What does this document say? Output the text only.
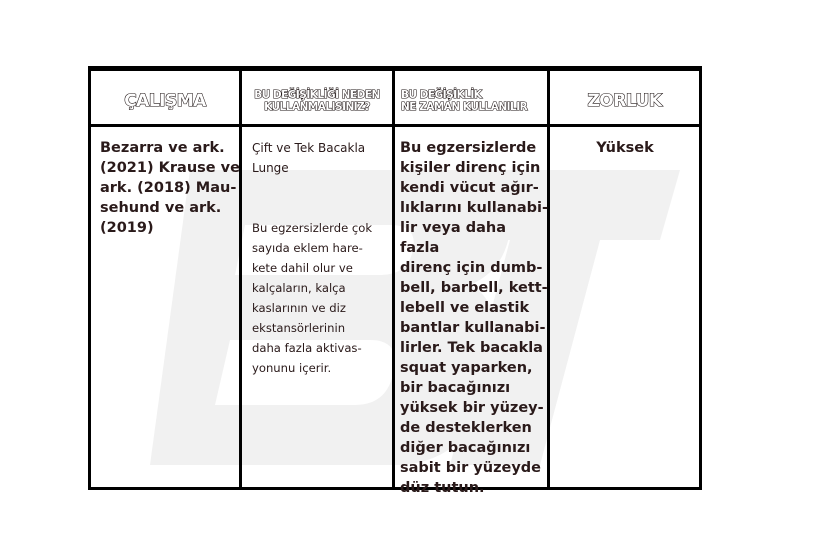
ÇALIŞMA	BU DEĞİŞİKLİĞİ NEDEN
KULLANMALISINIZ?
BU DEĞİŞİKLİK
NE ZAMAN KULLANILIR	ZORLUK
Bezarra ve ark.
(2021) Krause ve
ark. (2018) Mau-
sehund ve ark.
(2019)
Çift ve Tek Bacakla
Lunge
Bu egzersizlerde çok
sayıda eklem hare-
kete dahil olur ve
kalçaların, kalça
kaslarının ve diz
ekstansörlerinin
daha fazla aktivas-
yonunu içerir.
Bu egzersizlerde
kişiler direnç için
kendi vücut ağır-
lıklarını kullanabi-
lir veya daha fazla
direnç için dumb-
bell, barbell, kett-
lebell ve elastik
bantlar kullanabi-
lirler. Tek bacakla
squat yaparken,
bir bacağınızı
yüksek bir yüzey-
de desteklerken
diğer bacağınızı
sabit bir yüzeyde
düz tutun.
Yüksek
